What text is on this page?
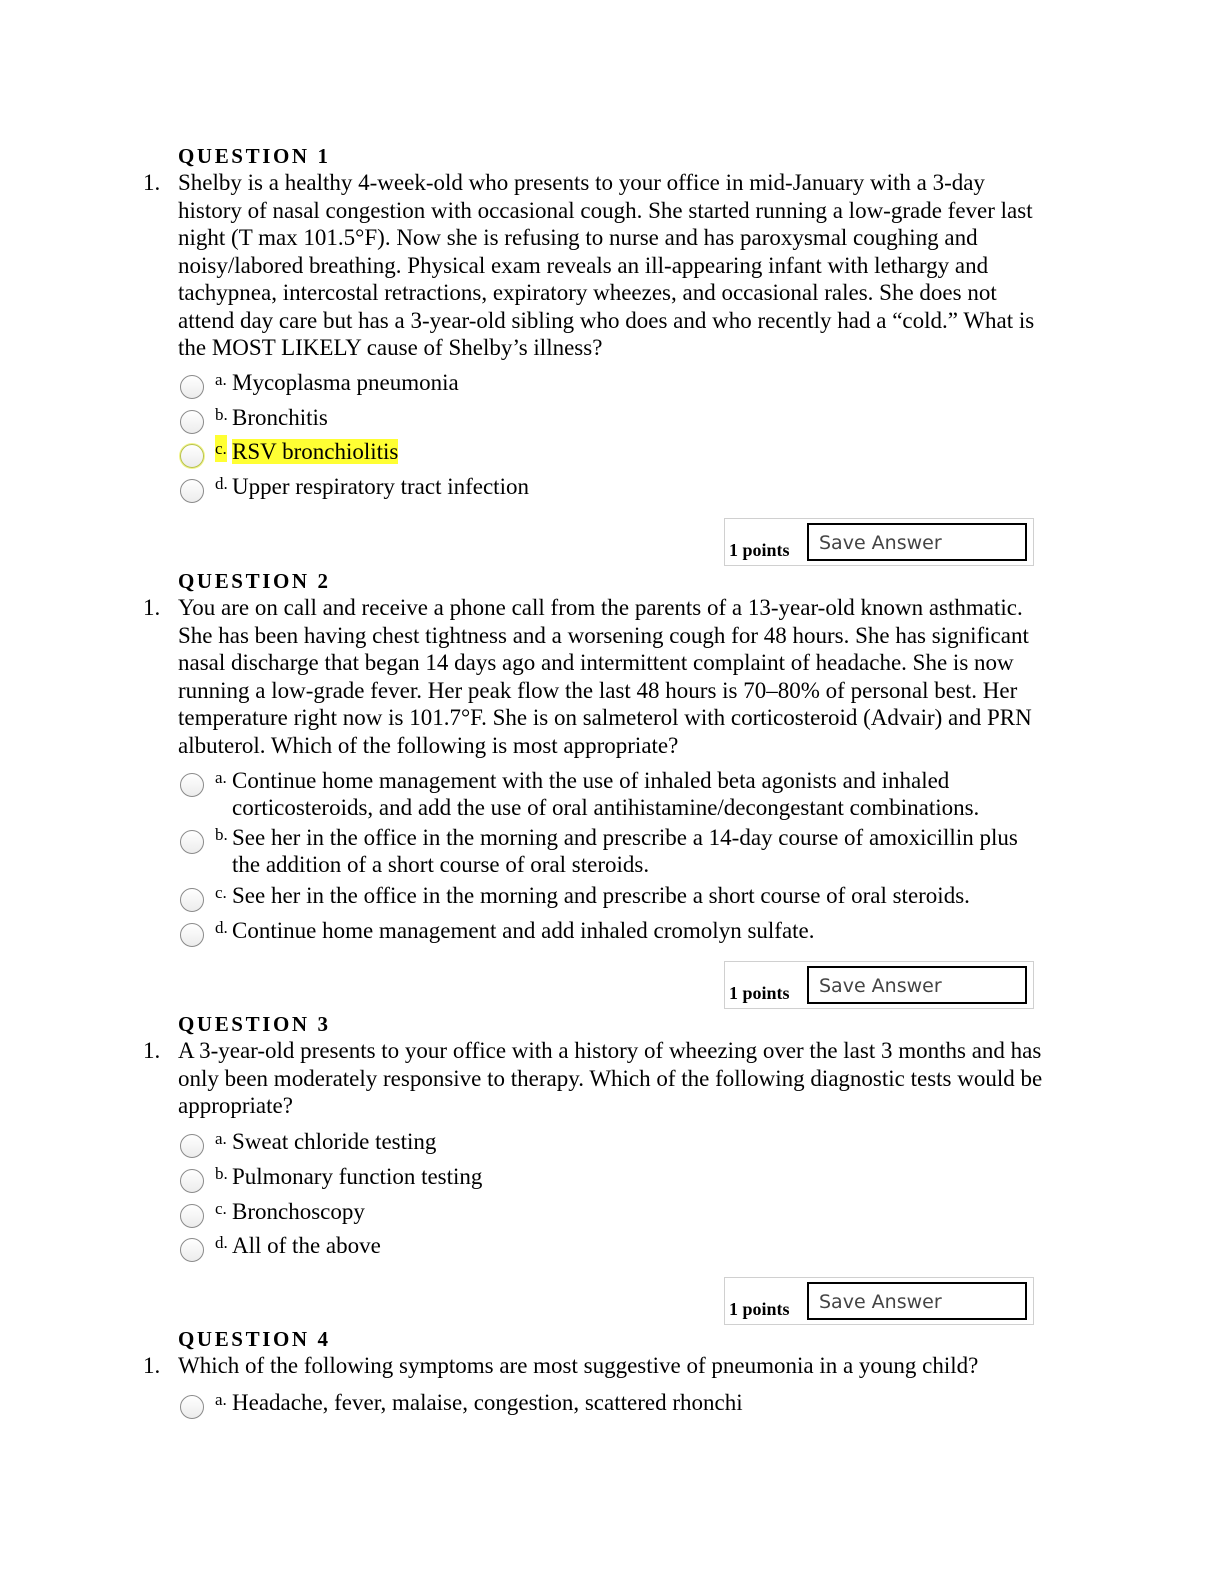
QUESTION 1
1. Shelby is a healthy 4-week-old who presents to your office in mid-January with a 3-day history of nasal congestion with occasional cough. She started running a low-grade fever last night (T max 101.5°F). Now she is refusing to nurse and has paroxysmal coughing and noisy/labored breathing. Physical exam reveals an ill-appearing infant with lethargy and tachypnea, intercostal retractions, expiratory wheezes, and occasional rales. She does not attend day care but has a 3-year-old sibling who does and who recently had a “cold.” What is the MOST LIKELY cause of Shelby’s illness?
a. Mycoplasma pneumonia
b. Bronchitis
c. RSV bronchiolitis
d. Upper respiratory tract infection
1 points	Save Answer
QUESTION 2
1. You are on call and receive a phone call from the parents of a 13-year-old known asthmatic. She has been having chest tightness and a worsening cough for 48 hours. She has significant nasal discharge that began 14 days ago and intermittent complaint of headache. She is now running a low-grade fever. Her peak flow the last 48 hours is 70–80% of personal best. Her temperature right now is 101.7°F. She is on salmeterol with corticosteroid (Advair) and PRN albuterol. Which of the following is most appropriate?
a. Continue home management with the use of inhaled beta agonists and inhaled corticosteroids, and add the use of oral antihistamine/decongestant combinations.
b. See her in the office in the morning and prescribe a 14-day course of amoxicillin plus the addition of a short course of oral steroids.
c. See her in the office in the morning and prescribe a short course of oral steroids.
d. Continue home management and add inhaled cromolyn sulfate.
1 points	Save Answer
QUESTION 3
1. A 3-year-old presents to your office with a history of wheezing over the last 3 months and has only been moderately responsive to therapy. Which of the following diagnostic tests would be appropriate?
a. Sweat chloride testing
b. Pulmonary function testing
c. Bronchoscopy
d. All of the above
1 points	Save Answer
QUESTION 4
1. Which of the following symptoms are most suggestive of pneumonia in a young child?
a. Headache, fever, malaise, congestion, scattered rhonchi
